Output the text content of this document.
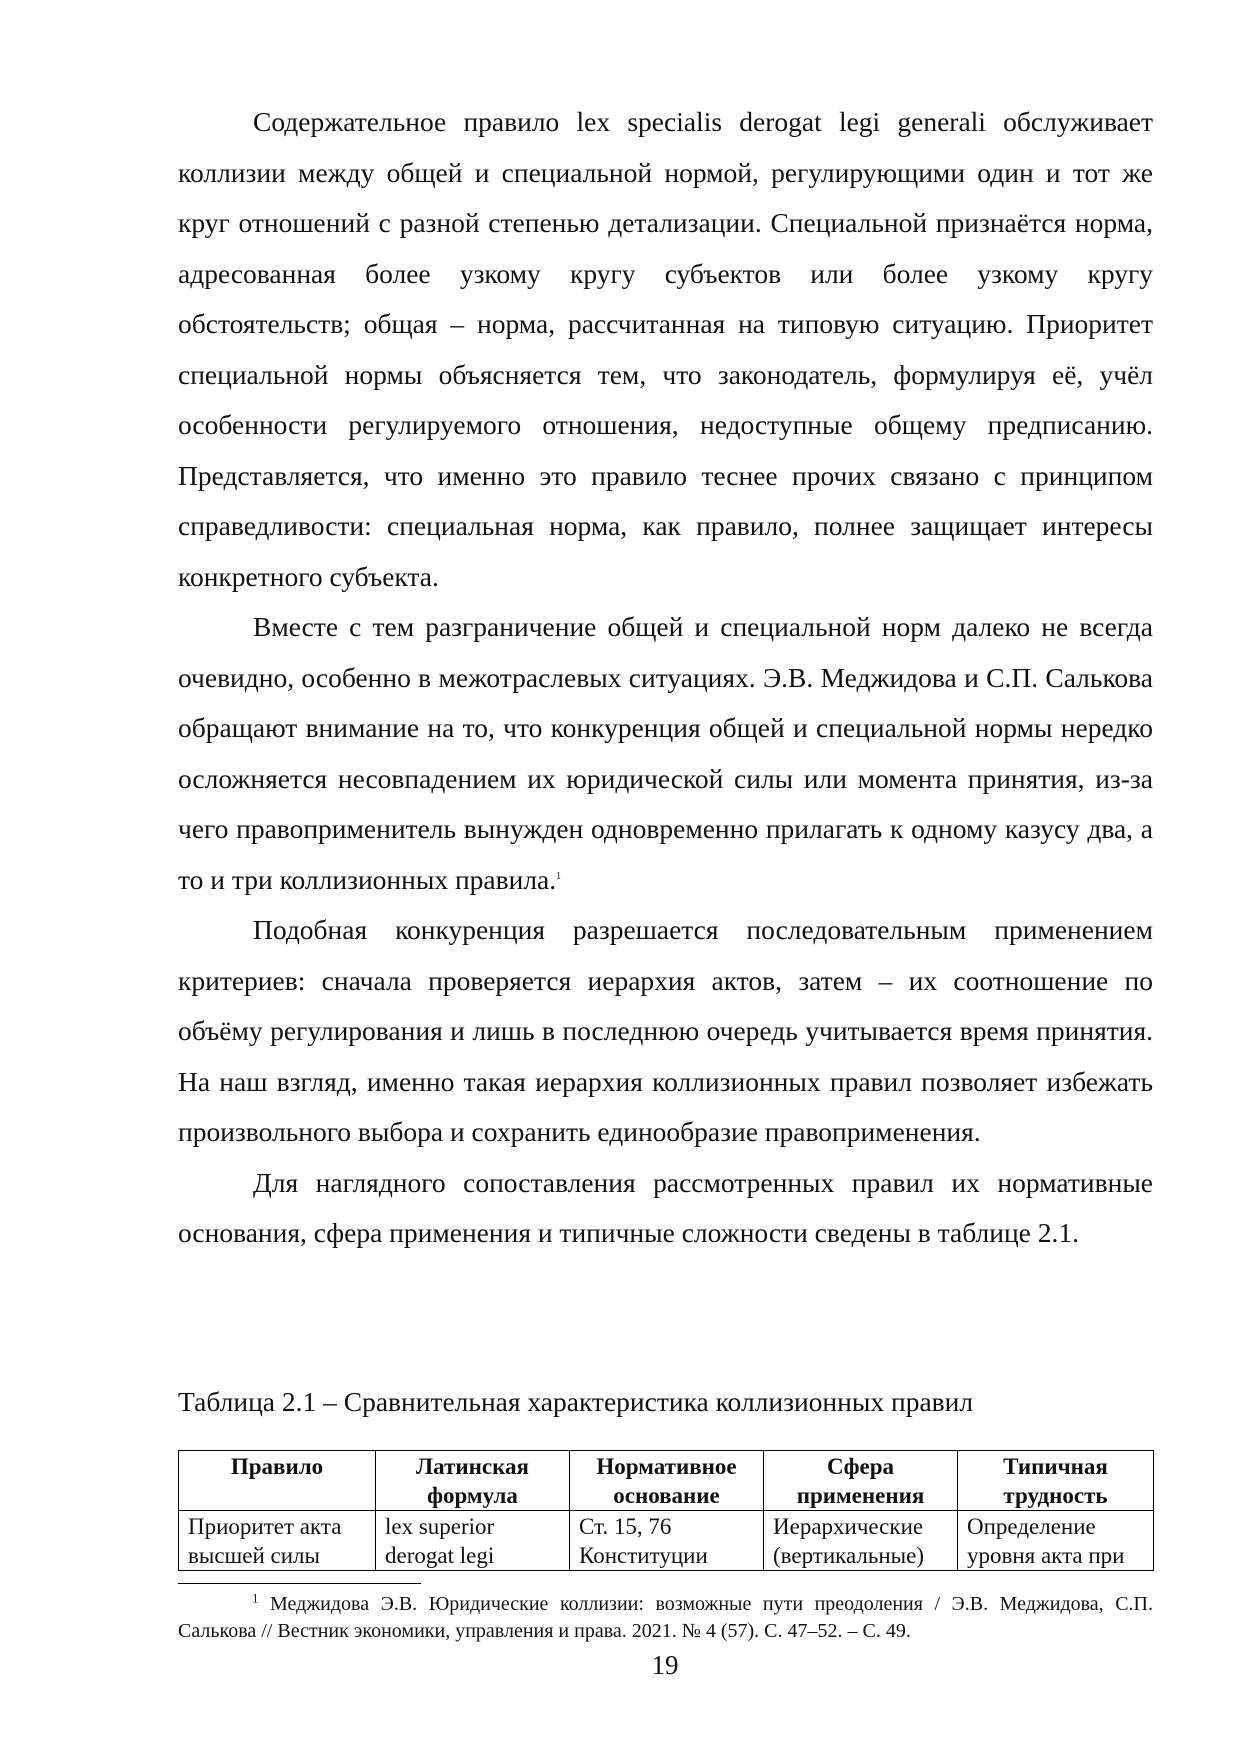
Содержательное правило lex specialis derogat legi generali обслуживает коллизии между общей и специальной нормой, регулирующими один и тот же круг отношений с разной степенью детализации. Специальной признаётся норма, адресованная более узкому кругу субъектов или более узкому кругу обстоятельств; общая – норма, рассчитанная на типовую ситуацию. Приоритет специальной нормы объясняется тем, что законодатель, формулируя её, учёл особенности регулируемого отношения, недоступные общему предписанию. Представляется, что именно это правило теснее прочих связано с принципом справедливости: специальная норма, как правило, полнее защищает интересы конкретного субъекта.

Вместе с тем разграничение общей и специальной норм далеко не всегда очевидно, особенно в межотраслевых ситуациях. Э.В. Меджидова и С.П. Салькова обращают внимание на то, что конкуренция общей и специальной нормы нередко осложняется несовпадением их юридической силы или момента принятия, из-за чего правоприменитель вынужден одновременно прилагать к одному казусу два, а то и три коллизионных правила.$^1$

Подобная конкуренция разрешается последовательным применением критериев: сначала проверяется иерархия актов, затем – их соотношение по объёму регулирования и лишь в последнюю очередь учитывается время принятия. На наш взгляд, именно такая иерархия коллизионных правил позволяет избежать произвольного выбора и сохранить единообразие правоприменения.

Для наглядного сопоставления рассмотренных правил их нормативные основания, сфера применения и типичные сложности сведены в таблице 2.1.

Таблица 2.1 – Сравнительная характеристика коллизионных правил
Правило	Латинская формула	Нормативное основание	Сфера применения	Типичная трудность
Приоритет акта высшей силы	lex superior derogat legi	Ст. 15, 76 Конституции	Иерархические (вертикальные)	Определение уровня акта при
$^1$ Меджидова Э.В. Юридические коллизии: возможные пути преодоления / Э.В. Меджидова, С.П. Салькова // Вестник экономики, управления и права. 2021. № 4 (57). С. 47–52. – С. 49.
19
